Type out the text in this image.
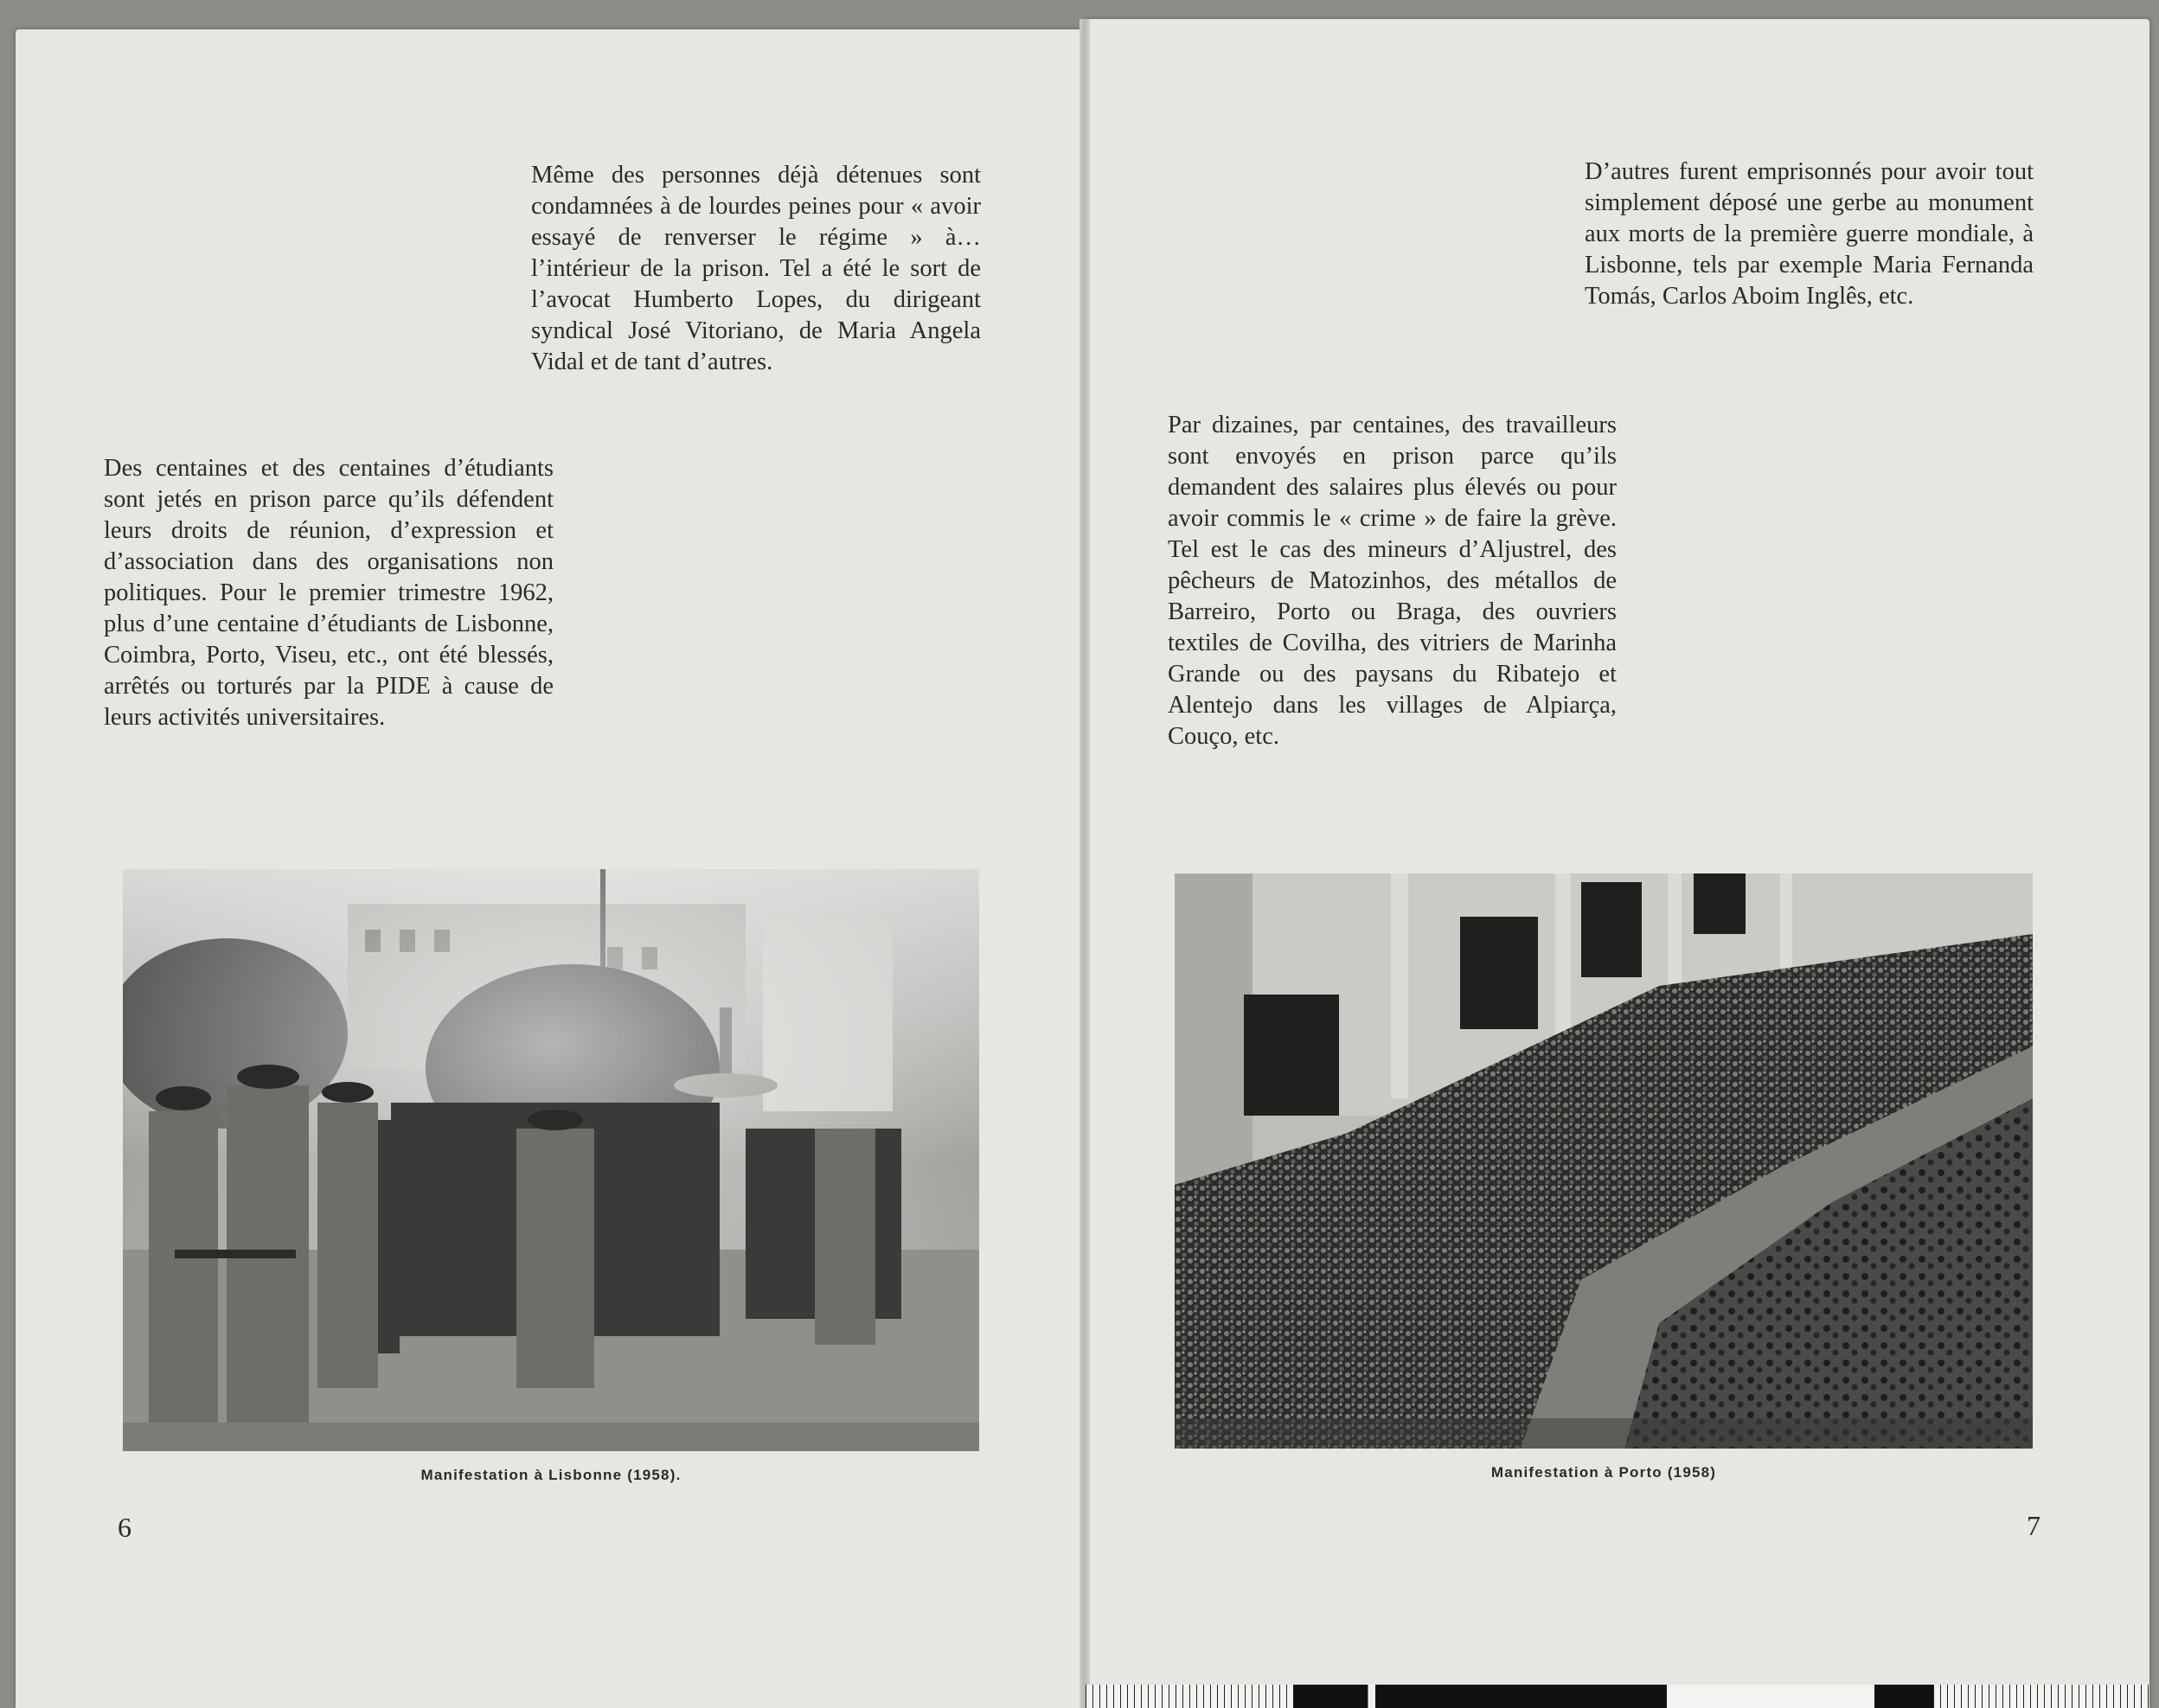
Même des personnes déjà détenues sont condamnées à de lourdes peines pour « avoir essayé de renverser le régime » à… l’intérieur de la prison. Tel a été le sort de l’avocat Humberto Lopes, du dirigeant syndical José Vitoriano, de Maria Angela Vidal et de tant d’autres.

Des centaines et des centaines d’étudiants sont jetés en prison parce qu’ils défendent leurs droits de réunion, d’expression et d’association dans des organisations non politiques. Pour le premier trimestre 1962, plus d’une centaine d’étudiants de Lisbonne, Coimbra, Porto, Viseu, etc., ont été blessés, arrêtés ou torturés par la PIDE à cause de leurs activités universitaires.

Manifestation à Lisbonne (1958).

6

D’autres furent emprisonnés pour avoir tout simplement déposé une gerbe au monument aux morts de la première guerre mondiale, à Lisbonne, tels par exemple Maria Fernanda Tomás, Carlos Aboim Inglês, etc.

Par dizaines, par centaines, des travailleurs sont envoyés en prison parce qu’ils demandent des salaires plus élevés ou pour avoir commis le « crime » de faire la grève. Tel est le cas des mineurs d’Aljustrel, des pêcheurs de Matozinhos, des métallos de Barreiro, Porto ou Braga, des ouvriers textiles de Covilha, des vitriers de Marinha Grande ou des paysans du Ribatejo et Alentejo dans les villages de Alpiarça, Couço, etc.

Manifestation à Porto (1958)

7
